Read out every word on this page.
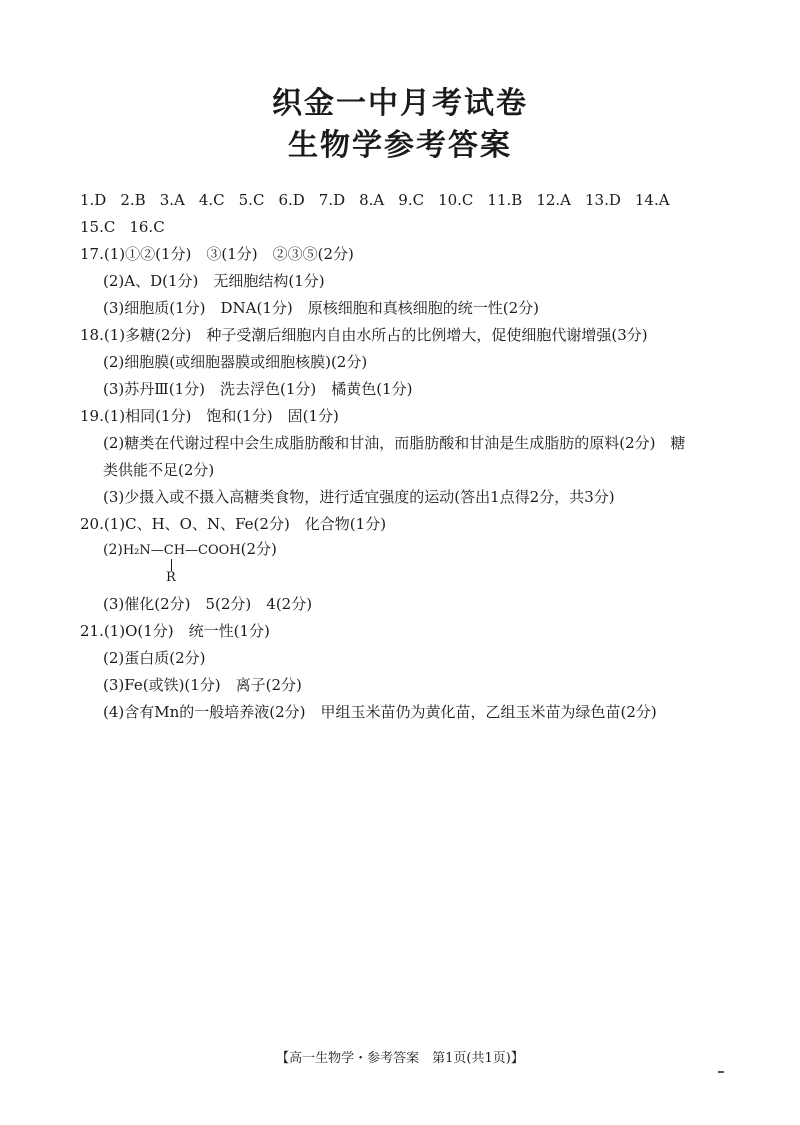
织金一中月考试卷
生物学参考答案
1.D 2.B 3.A 4.C 5.C 6.D 7.D 8.A 9.C 10.C 11.B 12.A 13.D 14.A
15.C 16.C

17.(1)①②(1分)　③(1分)　②③⑤(2分)

(2)A、D(1分)　无细胞结构(1分)

(3)细胞质(1分)　DNA(1分)　原核细胞和真核细胞的统一性(2分)

18.(1)多糖(2分)　种子受潮后细胞内自由水所占的比例增大，促使细胞代谢增强(3分)

(2)细胞膜(或细胞器膜或细胞核膜)(2分)

(3)苏丹Ⅲ(1分)　洗去浮色(1分)　橘黄色(1分)

19.(1)相同(1分)　饱和(1分)　固(1分)

(2)糖类在代谢过程中会生成脂肪酸和甘油，而脂肪酸和甘油是生成脂肪的原料(2分)　糖

类供能不足(2分)

(3)少摄入或不摄入高糖类食物，进行适宜强度的运动(答出1点得2分，共3分)

20.(1)C、H、O、N、Fe(2分)　化合物(1分)

(2)H₂N—CH—COOH(2分)
R

(3)催化(2分)　5(2分)　4(2分)

21.(1)O(1分)　统一性(1分)

(2)蛋白质(2分)

(3)Fe(或铁)(1分)　离子(2分)

(4)含有Mn的一般培养液(2分)　甲组玉米苗仍为黄化苗，乙组玉米苗为绿色苗(2分)

【高一生物学・参考答案　第1页(共1页)】
